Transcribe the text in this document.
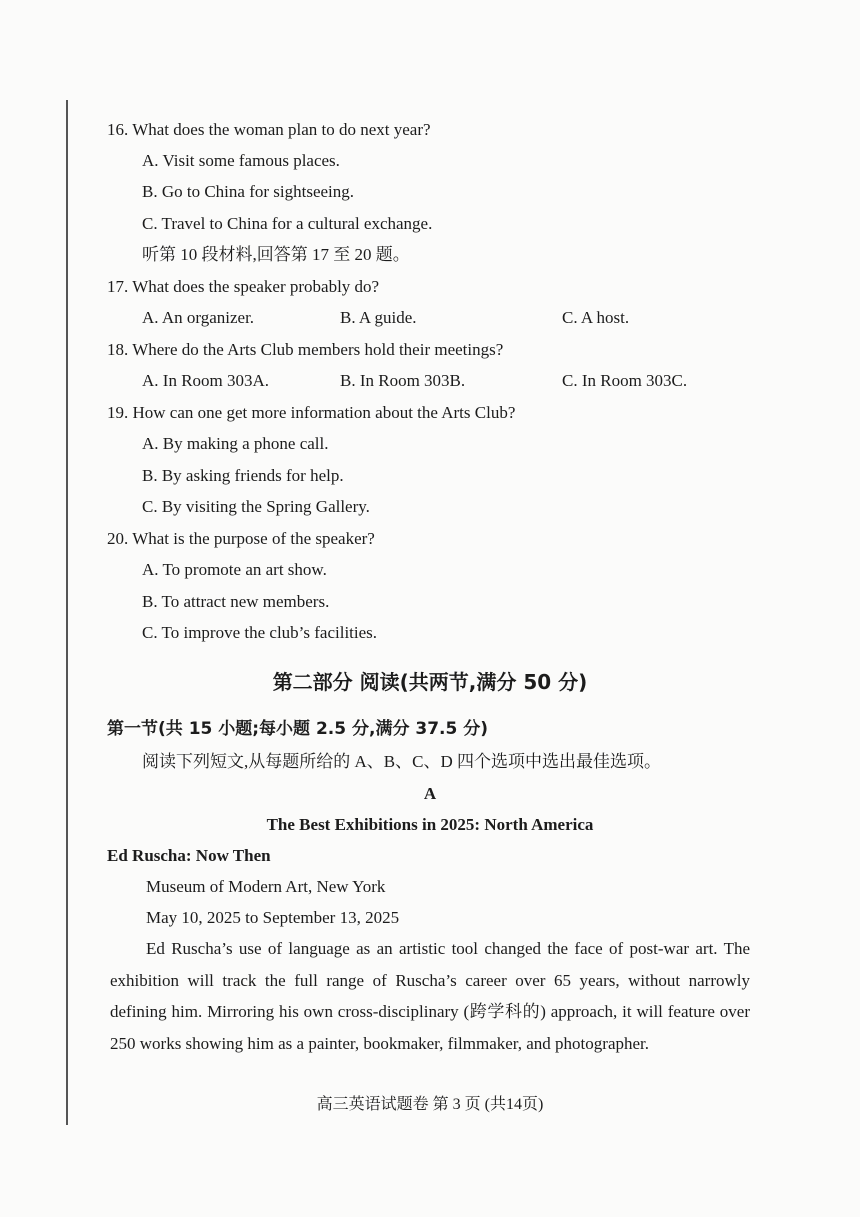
16. What does the woman plan to do next year?
A. Visit some famous places.
B. Go to China for sightseeing.
C. Travel to China for a cultural exchange.
听第 10 段材料,回答第 17 至 20 题。
17. What does the speaker probably do?
A. An organizer.	B. A guide.	C. A host.
18. Where do the Arts Club members hold their meetings?
A. In Room 303A.	B. In Room 303B.	C. In Room 303C.
19. How can one get more information about the Arts Club?
A. By making a phone call.
B. By asking friends for help.
C. By visiting the Spring Gallery.
20. What is the purpose of the speaker?
A. To promote an art show.
B. To attract new members.
C. To improve the club’s facilities.
第二部分 阅读(共两节,满分 50 分)
第一节(共 15 小题;每小题 2.5 分,满分 37.5 分)
阅读下列短文,从每题所给的 A、B、C、D 四个选项中选出最佳选项。
A
The Best Exhibitions in 2025: North America
Ed Ruscha: Now Then
Museum of Modern Art, New York
May 10, 2025 to September 13, 2025
Ed Ruscha’s use of language as an artistic tool changed the face of post-war art. The exhibition will track the full range of Ruscha’s career over 65 years, without narrowly defining him. Mirroring his own cross-disciplinary (跨学科的) approach, it will feature over 250 works showing him as a painter, bookmaker, filmmaker, and photographer.
高三英语试题卷 第 3 页 (共14页)
